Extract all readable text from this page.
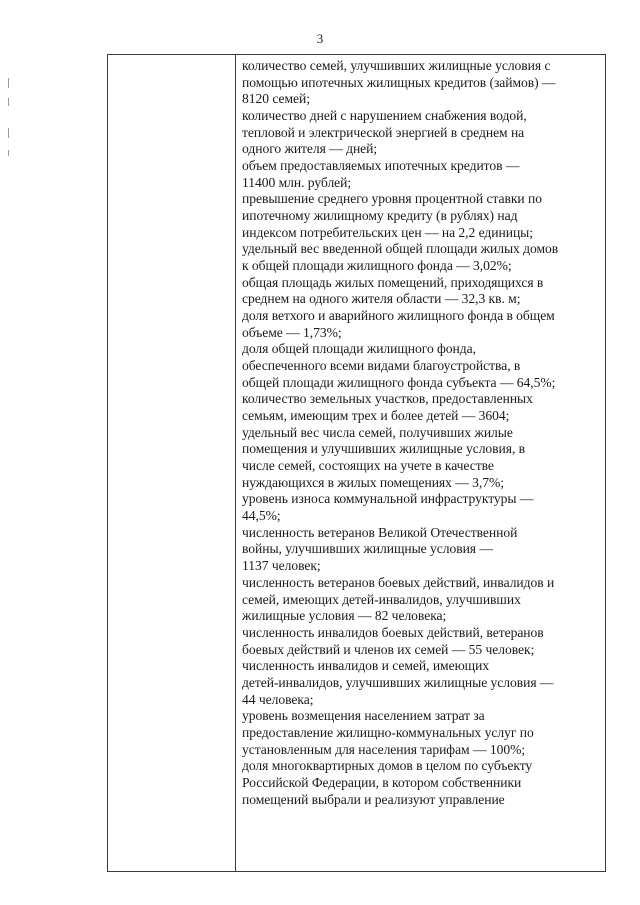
3
количество семей, улучшивших жилищные условия с
помощью ипотечных жилищных кредитов (займов) —
8120 семей;
количество дней с нарушением снабжения водой,
тепловой и электрической энергией в среднем на
одного жителя — дней;
объем предоставляемых ипотечных кредитов —
11400 млн. рублей;
превышение среднего уровня процентной ставки по
ипотечному жилищному кредиту (в рублях) над
индексом потребительских цен — на 2,2 единицы;
удельный вес введенной общей площади жилых домов
к общей площади жилищного фонда — 3,02%;
общая площадь жилых помещений, приходящихся в
среднем на одного жителя области — 32,3 кв. м;
доля ветхого и аварийного жилищного фонда в общем
объеме — 1,73%;
доля общей площади жилищного фонда,
обеспеченного всеми видами благоустройства, в
общей площади жилищного фонда субъекта — 64,5%;
количество земельных участков, предоставленных
семьям, имеющим трех и более детей — 3604;
удельный вес числа семей, получивших жилые
помещения и улучшивших жилищные условия, в
числе семей, состоящих на учете в качестве
нуждающихся в жилых помещениях — 3,7%;
уровень износа коммунальной инфраструктуры —
44,5%;
численность ветеранов Великой Отечественной
войны, улучшивших жилищные условия —
1137 человек;
численность ветеранов боевых действий, инвалидов и
семей, имеющих детей-инвалидов, улучшивших
жилищные условия — 82 человека;
численность инвалидов боевых действий, ветеранов
боевых действий и членов их семей — 55 человек;
численность инвалидов и семей, имеющих
детей-инвалидов, улучшивших жилищные условия —
44 человека;
уровень возмещения населением затрат за
предоставление жилищно-коммунальных услуг по
установленным для населения тарифам — 100%;
доля многоквартирных домов в целом по субъекту
Российской Федерации, в котором собственники
помещений выбрали и реализуют управление
